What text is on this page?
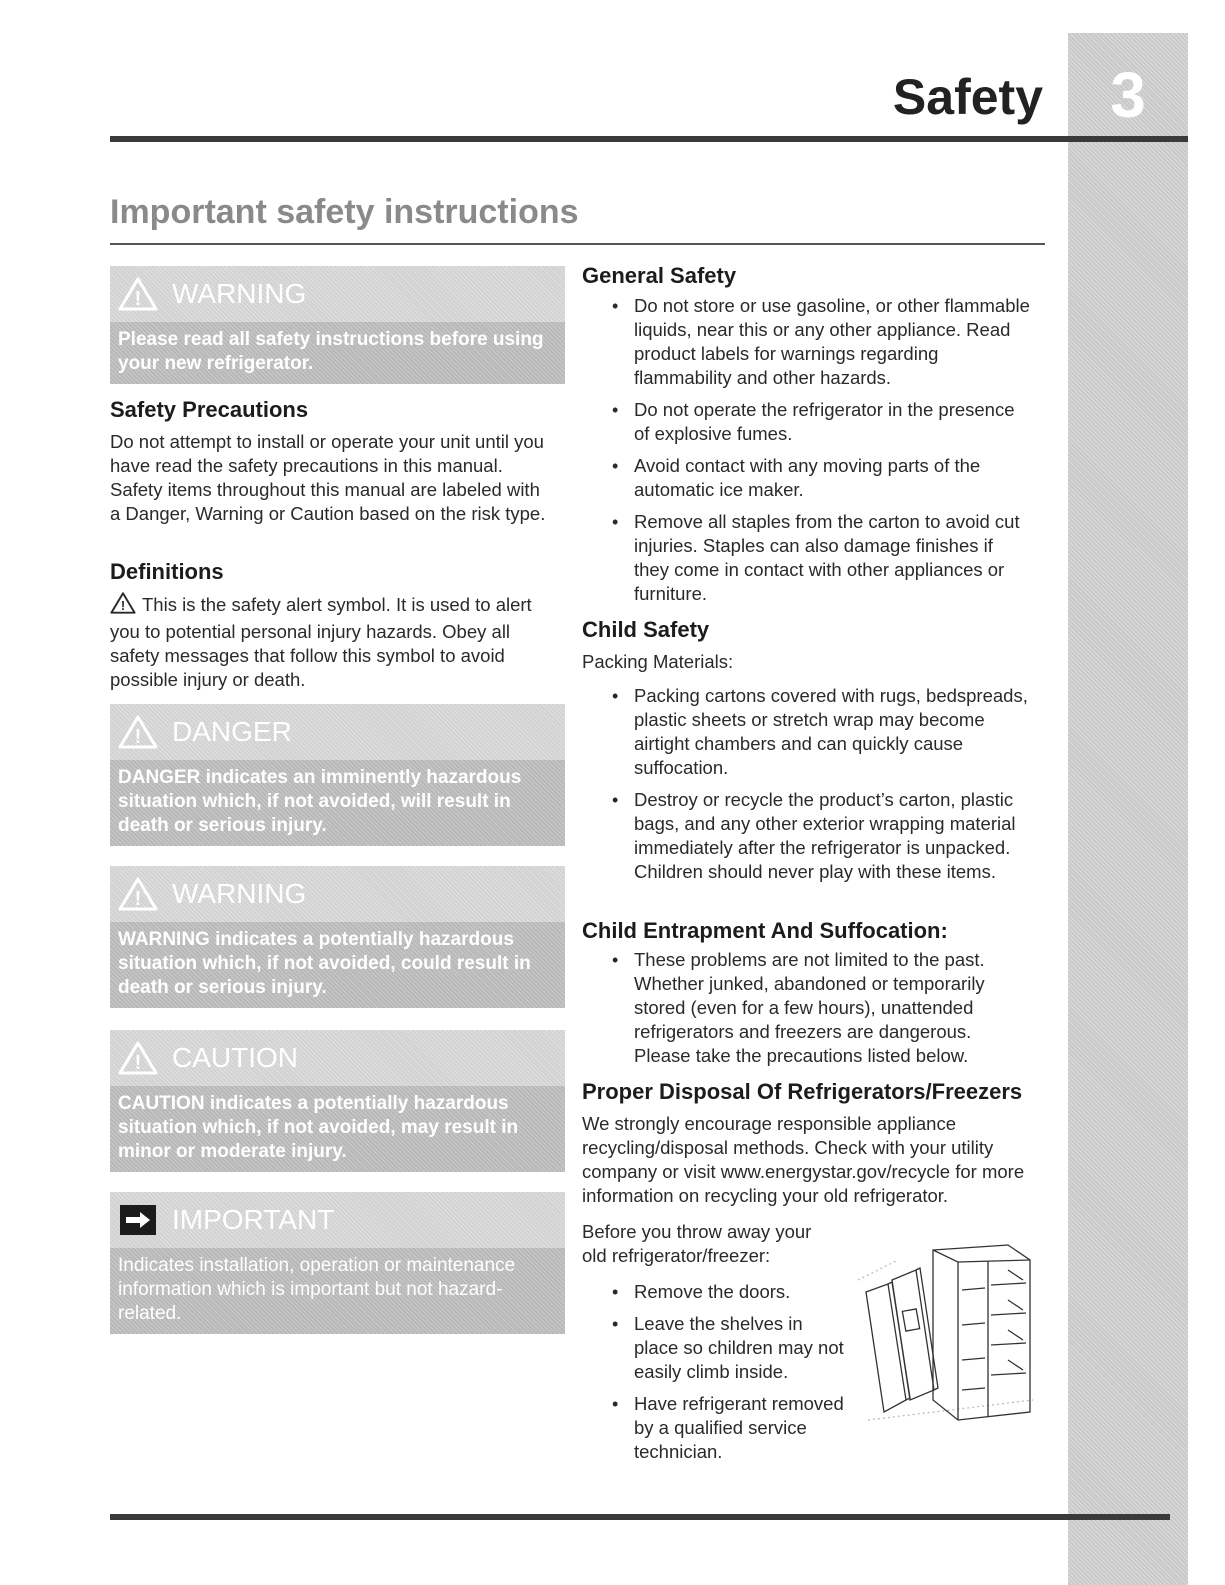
3
Safety
Important safety instructions
! WARNING
Please read all safety instructions before using your new refrigerator.
Safety Precautions
Do not attempt to install or operate your unit until you have read the safety precautions in this manual. Safety items throughout this manual are labeled with a Danger, Warning or Caution based on the risk type.
Definitions
! This is the safety alert symbol. It is used to alert you to potential personal injury hazards. Obey all safety messages that follow this symbol to avoid possible injury or death.
! DANGER
DANGER indicates an imminently hazardous situation which, if not avoided, will result in death or serious injury.
! WARNING
WARNING indicates a potentially hazardous situation which, if not avoided, could result in death or serious injury.
! CAUTION
CAUTION indicates a potentially hazardous situation which, if not avoided, may result in minor or moderate injury.
IMPORTANT
Indicates installation, operation or maintenance information which is important but not hazard-related.
General Safety
• Do not store or use gasoline, or other flammable liquids, near this or any other appliance. Read product labels for warnings regarding flammability and other hazards.
• Do not operate the refrigerator in the presence of explosive fumes.
• Avoid contact with any moving parts of the automatic ice maker.
• Remove all staples from the carton to avoid cut injuries. Staples can also damage finishes if they come in contact with other appliances or furniture.
Child Safety
Packing Materials:
• Packing cartons covered with rugs, bedspreads, plastic sheets or stretch wrap may become airtight chambers and can quickly cause suffocation.
• Destroy or recycle the product’s carton, plastic bags, and any other exterior wrapping material immediately after the refrigerator is unpacked. Children should never play with these items.
Child Entrapment And Suffocation:
• These problems are not limited to the past. Whether junked, abandoned or temporarily stored (even for a few hours), unattended refrigerators and freezers are dangerous. Please take the precautions listed below.
Proper Disposal Of Refrigerators/Freezers
We strongly encourage responsible appliance recycling/disposal methods. Check with your utility company or visit www.energystar.gov/recycle for more information on recycling your old refrigerator.
Before you throw away your old refrigerator/freezer:
• Remove the doors.
• Leave the shelves in place so children may not easily climb inside.
• Have refrigerant removed by a qualified service technician.
